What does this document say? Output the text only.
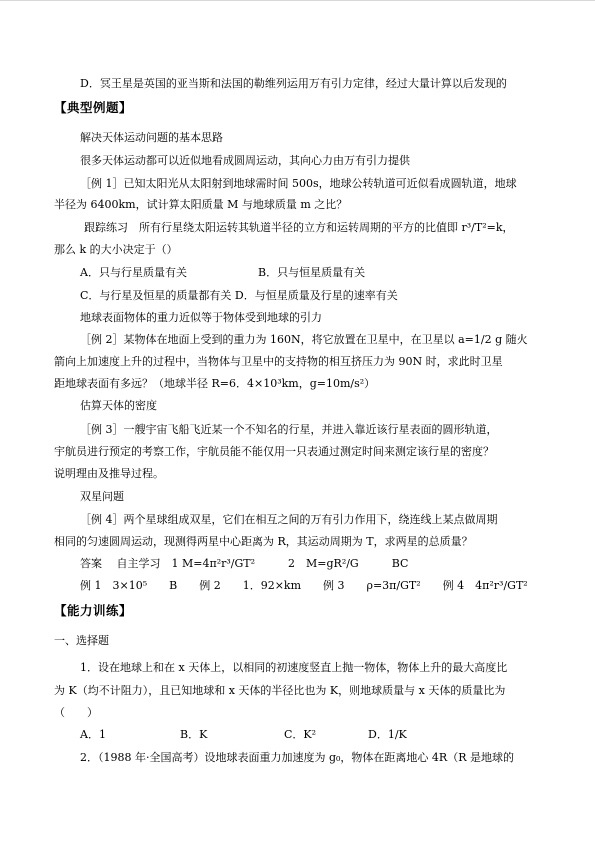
D．冥王星是英国的亚当斯和法国的勒维列运用万有引力定律，经过大量计算以后发现的
【典型例题】
解决天体运动问题的基本思路
很多天体运动都可以近似地看成圆周运动，其向心力由万有引力提供
［例 1］已知太阳光从太阳射到地球需时间 500s，地球公转轨道可近似看成圆轨道，地球
半径为 6400km，试计算太阳质量 M 与地球质量 m 之比？
跟踪练习　所有行星绕太阳运转其轨道半径的立方和运转周期的平方的比值即 r³/T²=k，
那么 k 的大小决定于（）
A．只与行星质量有关	B．只与恒星质量有关
C．与行星及恒星的质量都有关 D．与恒星质量及行星的速率有关
地球表面物体的重力近似等于物体受到地球的引力
［例 2］某物体在地面上受到的重力为 160N，将它放置在卫星中，在卫星以 a=1/2 g 随火
箭向上加速度上升的过程中，当物体与卫星中的支持物的相互挤压力为 90N 时，求此时卫星
距地球表面有多远？（地球半径 R=6．4×10³km，g=10m/s²）
估算天体的密度
［例 3］一艘宇宙飞船飞近某一个不知名的行星，并进入靠近该行星表面的圆形轨道，
宇航员进行预定的考察工作，宇航员能不能仅用一只表通过测定时间来测定该行星的密度？
说明理由及推导过程。
双星问题
［例 4］两个星球组成双星，它们在相互之间的万有引力作用下，绕连线上某点做周期
相同的匀速圆周运动，现测得两星中心距离为 R，其运动周期为 T，求两星的总质量？
答案　 自主学习　1 M=4π²r³/GT²　　　2　M=gR²/G　　　BC
例 1　3×10⁵　　B　　例 2　　1．92×km　　例 3　　ρ=3π/GT²　　例 4　4π²r³/GT²
【能力训练】
一、选择题
1．设在地球上和在 x 天体上，以相同的初速度竖直上抛一物体，物体上升的最大高度比
为 K（均不计阻力），且已知地球和 x 天体的半径比也为 K，则地球质量与 x 天体的质量比为
（　　）
A．1	B．K	C．K²	D．1/K
2．（1988 年·全国高考）设地球表面重力加速度为 g₀，物体在距离地心 4R（R 是地球的
